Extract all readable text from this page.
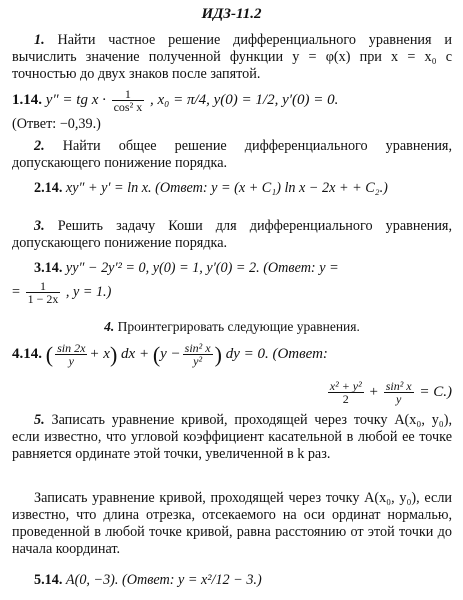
ИДЗ-11.2
1. Найти частное решение дифференциального уравнения и вычислить значение полученной функции y = φ(x) при x = x₀ с точностью до двух знаков после запятой.
1.14. y″ = tg $x \cdot \frac{1}{\text{cos² x}}$ , x₀ = π/4, y(0) = 1/2, y′(0) = 0.
(Ответ: −0,39.)
2. Найти общее решение дифференциального уравнения, допускающего понижение порядка.
2.14. xy″ + y′ = ln x. (Ответ: y = (x + C₁) ln x − 2x + + C₂.)
3. Решить задачу Коши для дифференциального уравнения, допускающего понижение порядка.
3.14. yy″ − 2y′² = 0, y(0) = 1, y′(0) = 2. (Ответ: y =
= $\frac{1}{1 - 2x}$ , y = 1.)
4. Проинтегрировать следующие уравнения.
4.14. ( $\frac{\sin 2x}{y} + x$) dx + ($y - \frac{\text{sin² x}}{\text{y²}}$ ) dy = 0. (Ответ:
$\frac{\text{x² + y²}}{2} + \frac{\text{sin² x}}{y} = C$.)
5. Записать уравнение кривой, проходящей через точку A(x₀, y₀), если известно, что угловой коэффициент касательной в любой ее точке равняется ординате этой точки, увеличенной в k раз.
Записать уравнение кривой, проходящей через точку A(x₀, y₀), если известно, что длина отрезка, отсекаемого на оси ординат нормалью, проведенной в любой точке кривой, равна расстоянию от этой точки до начала координат.
5.14. A(0, −3). (Ответ: y = x²/12 − 3.)
